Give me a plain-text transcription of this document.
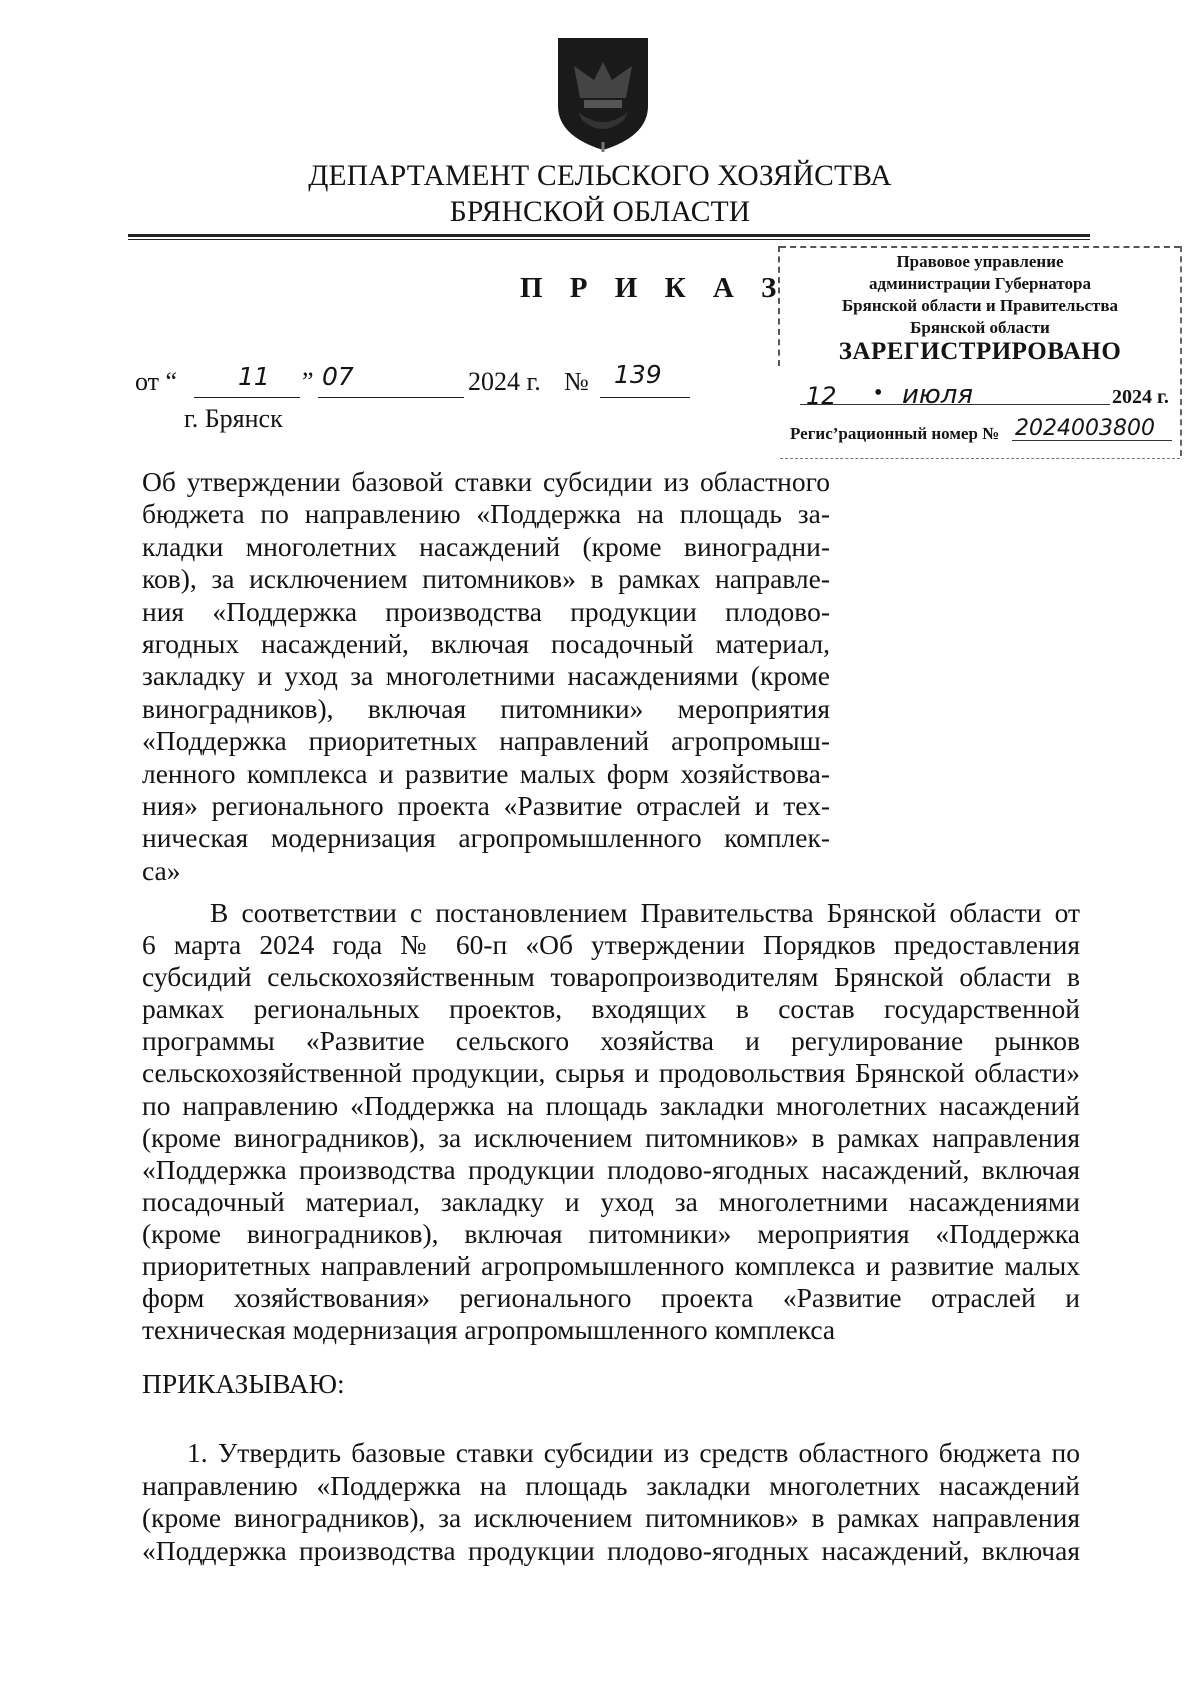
ДЕПАРТАМЕНТ СЕЛЬСКОГО ХОЗЯЙСТВА
БРЯНСКОЙ ОБЛАСТИ
П Р И К А З
Правовое управление
администрации Губернатора
Брянской области и Правительства
Брянской области
ЗАРЕГИСТРИРОВАНО
12 • июля	2024 г.
Регис’рационный номер № 2024003800
от “ 11 ” 07	2024 г. № 139
г. Брянск
Об утверждении базовой ставки субсидии из областного
бюджета по направлению «Поддержка на площадь за-
кладки многолетних насаждений (кроме виноградни-
ков), за исключением питомников» в рамках направле-
ния «Поддержка производства продукции плодово-
ягодных насаждений, включая посадочный материал,
закладку и уход за многолетними насаждениями (кроме
виноградников), включая питомники» мероприятия
«Поддержка приоритетных направлений агропромыш-
ленного комплекса и развитие малых форм хозяйствова-
ния» регионального проекта «Развитие отраслей и тех-
ническая модернизация агропромышленного комплек-
са»
В соответствии с постановлением Правительства Брянской области от
6 марта 2024 года № 60-п «Об утверждении Порядков предоставления
субсидий сельскохозяйственным товаропроизводителям Брянской области в
рамках региональных проектов, входящих в состав государственной
программы «Развитие сельского хозяйства и регулирование рынков
сельскохозяйственной продукции, сырья и продовольствия Брянской области»
по направлению «Поддержка на площадь закладки многолетних насаждений
(кроме виноградников), за исключением питомников» в рамках направления
«Поддержка производства продукции плодово-ягодных насаждений, включая
посадочный материал, закладку и уход за многолетними насаждениями
(кроме виноградников), включая питомники» мероприятия «Поддержка
приоритетных направлений агропромышленного комплекса и развитие малых
форм хозяйствования» регионального проекта «Развитие отраслей и
техническая модернизация агропромышленного комплекса
ПРИКАЗЫВАЮ:
1. Утвердить базовые ставки субсидии из средств областного бюджета по
направлению «Поддержка на площадь закладки многолетних насаждений
(кроме виноградников), за исключением питомников» в рамках направления
«Поддержка производства продукции плодово-ягодных насаждений, включая
